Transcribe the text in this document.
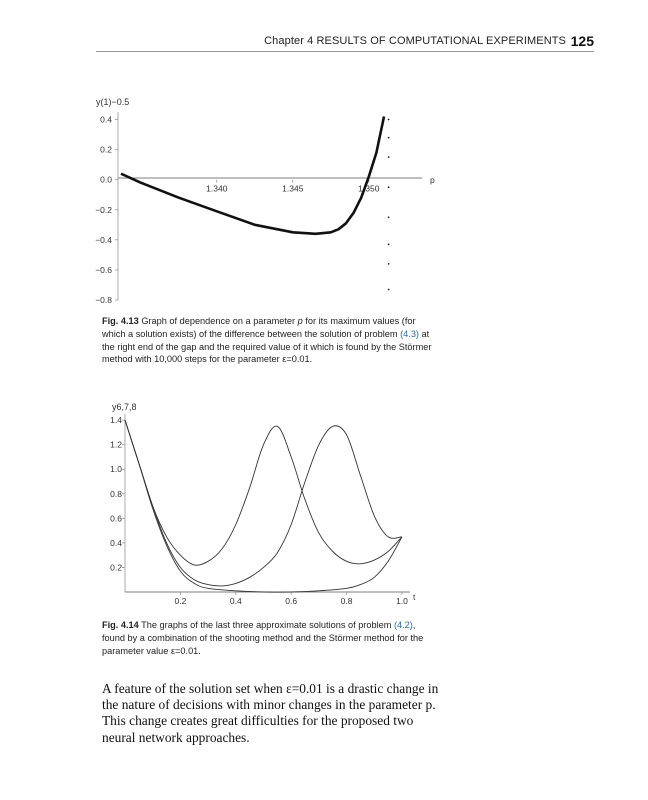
Chapter 4 RESULTS OF COMPUTATIONAL EXPERIMENTS 125
y(1)−0.5
p
0.4
0.2
0.0
−0.2
−0.4
−0.6
−0.8
1.340	1.345	1.350
Fig. 4.13 Graph of dependence on a parameter p for its maximum values (for which a solution exists) of the difference between the solution of problem (4.3) at the right end of the gap and the required value of it which is found by the Störmer method with 10,000 steps for the parameter ε=0.01.
y6,7,8
t
1.4
1.2
1.0
0.8
0.6
0.4
0.2
0.2	0.4	0.6	0.8	1.0
Fig. 4.14 The graphs of the last three approximate solutions of problem (4.2), found by a combination of the shooting method and the Störmer method for the parameter value ε=0.01.
A feature of the solution set when ε=0.01 is a drastic change in the nature of decisions with minor changes in the parameter p. This change creates great difficulties for the proposed two neural network approaches.
